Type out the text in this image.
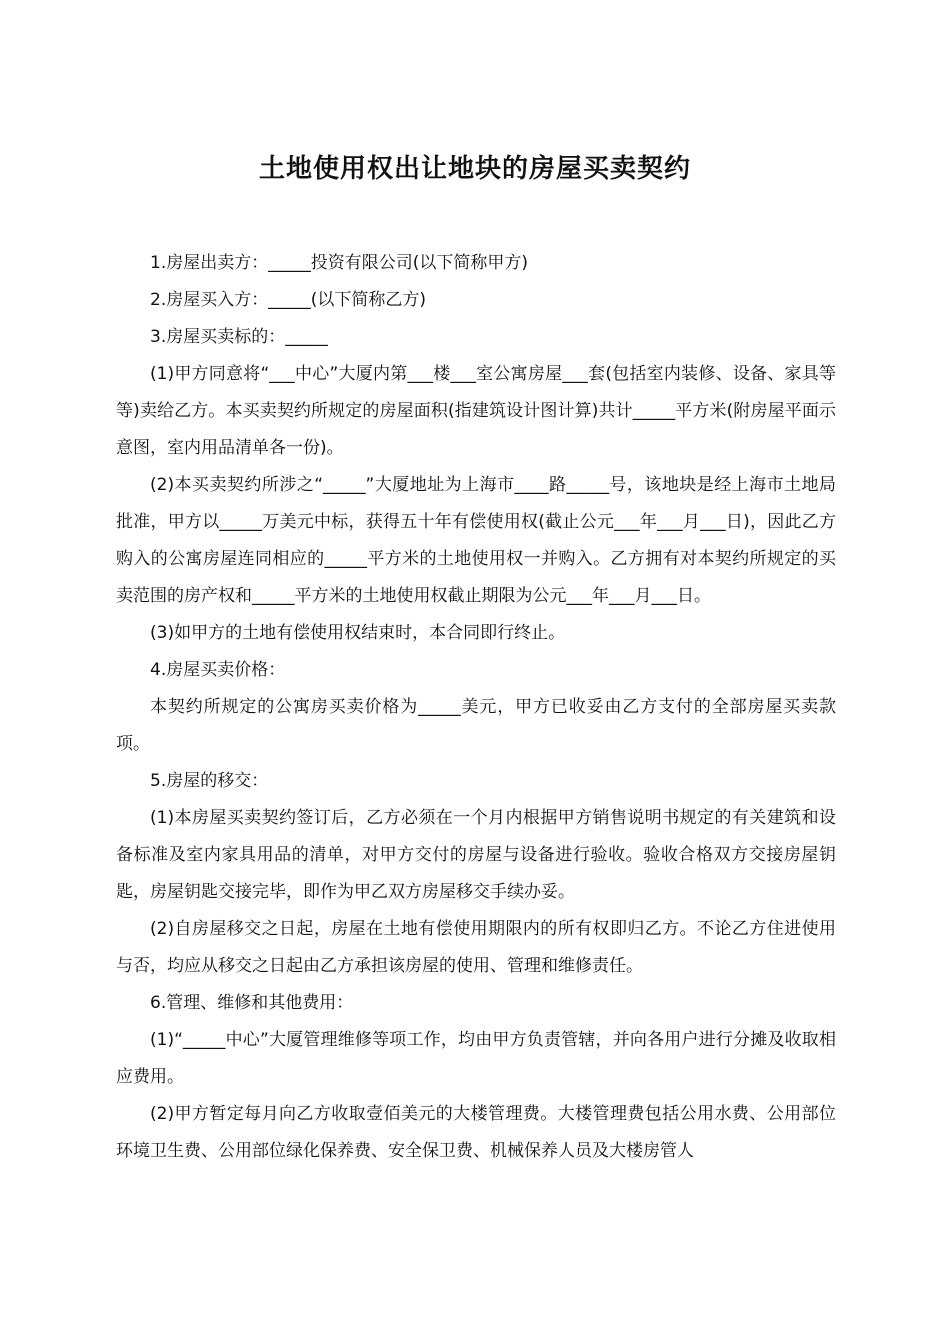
土地使用权出让地块的房屋买卖契约

1.房屋出卖方：_____投资有限公司(以下简称甲方)

2.房屋买入方：_____(以下简称乙方)

3.房屋买卖标的：_____

(1)甲方同意将“___中心”大厦内第___楼___室公寓房屋___套(包括室内装修、设备、家具等等)卖给乙方。本买卖契约所规定的房屋面积(指建筑设计图计算)共计_____平方米(附房屋平面示意图，室内用品清单各一份)。

(2)本买卖契约所涉之“_____”大厦地址为上海市____路_____号，该地块是经上海市土地局批准，甲方以_____万美元中标，获得五十年有偿使用权(截止公元___年___月___日)，因此乙方购入的公寓房屋连同相应的_____平方米的土地使用权一并购入。乙方拥有对本契约所规定的买卖范围的房产权和_____平方米的土地使用权截止期限为公元___年___月___日。

(3)如甲方的土地有偿使用权结束时，本合同即行终止。

4.房屋买卖价格：

本契约所规定的公寓房买卖价格为_____美元，甲方已收妥由乙方支付的全部房屋买卖款项。

5.房屋的移交：

(1)本房屋买卖契约签订后，乙方必须在一个月内根据甲方销售说明书规定的有关建筑和设备标准及室内家具用品的清单，对甲方交付的房屋与设备进行验收。验收合格双方交接房屋钥匙，房屋钥匙交接完毕，即作为甲乙双方房屋移交手续办妥。

(2)自房屋移交之日起，房屋在土地有偿使用期限内的所有权即归乙方。不论乙方住进使用与否，均应从移交之日起由乙方承担该房屋的使用、管理和维修责任。

6.管理、维修和其他费用：

(1)“_____中心”大厦管理维修等项工作，均由甲方负责管辖，并向各用户进行分摊及收取相应费用。

(2)甲方暂定每月向乙方收取壹佰美元的大楼管理费。大楼管理费包括公用水费、公用部位环境卫生费、公用部位绿化保养费、安全保卫费、机械保养人员及大楼房管人
